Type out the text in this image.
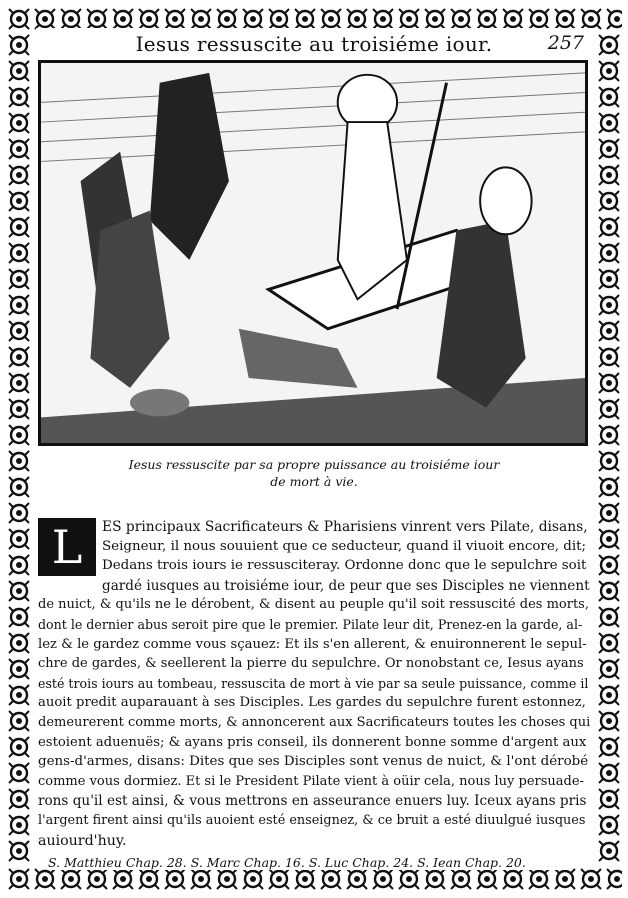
Iesus ressuscite au troisiéme iour.	257
Iesus ressuscite par sa propre puissance au troisiéme iour
de mort à vie.
L	ES principaux Sacrificateurs & Pharisiens vinrent vers Pilate, disans,
Seigneur, il nous souuient que ce seducteur, quand il viuoit encore, dit;
Dedans trois iours ie ressusciteray. Ordonne donc que le sepulchre soit
gardé iusques au troisiéme iour, de peur que ses Disciples ne viennent
de nuict, & qu'ils ne le dérobent, & disent au peuple qu'il soit ressuscité des morts,
dont le dernier abus seroit pire que le premier. Pilate leur dit, Prenez-en la garde, al-
lez & le gardez comme vous sçauez: Et ils s'en allerent, & enuironnerent le sepul-
chre de gardes, & seellerent la pierre du sepulchre. Or nonobstant ce, Iesus ayans
esté trois iours au tombeau, ressuscita de mort à vie par sa seule puissance, comme il
auoit predit auparauant à ses Disciples. Les gardes du sepulchre furent estonnez,
demeurerent comme morts, & annoncerent aux Sacrificateurs toutes les choses qui
estoient aduenuës; & ayans pris conseil, ils donnerent bonne somme d'argent aux
gens-d'armes, disans: Dites que ses Disciples sont venus de nuict, & l'ont dérobé
comme vous dormiez. Et si le President Pilate vient à oüir cela, nous luy persuade-
rons qu'il est ainsi, & vous mettrons en asseurance enuers luy. Iceux ayans pris
l'argent firent ainsi qu'ils auoient esté enseignez, & ce bruit a esté diuulgué iusques
auiourd'huy.
S. Matthieu Chap. 28. S. Marc Chap. 16. S. Luc Chap. 24. S. Iean Chap. 20.
